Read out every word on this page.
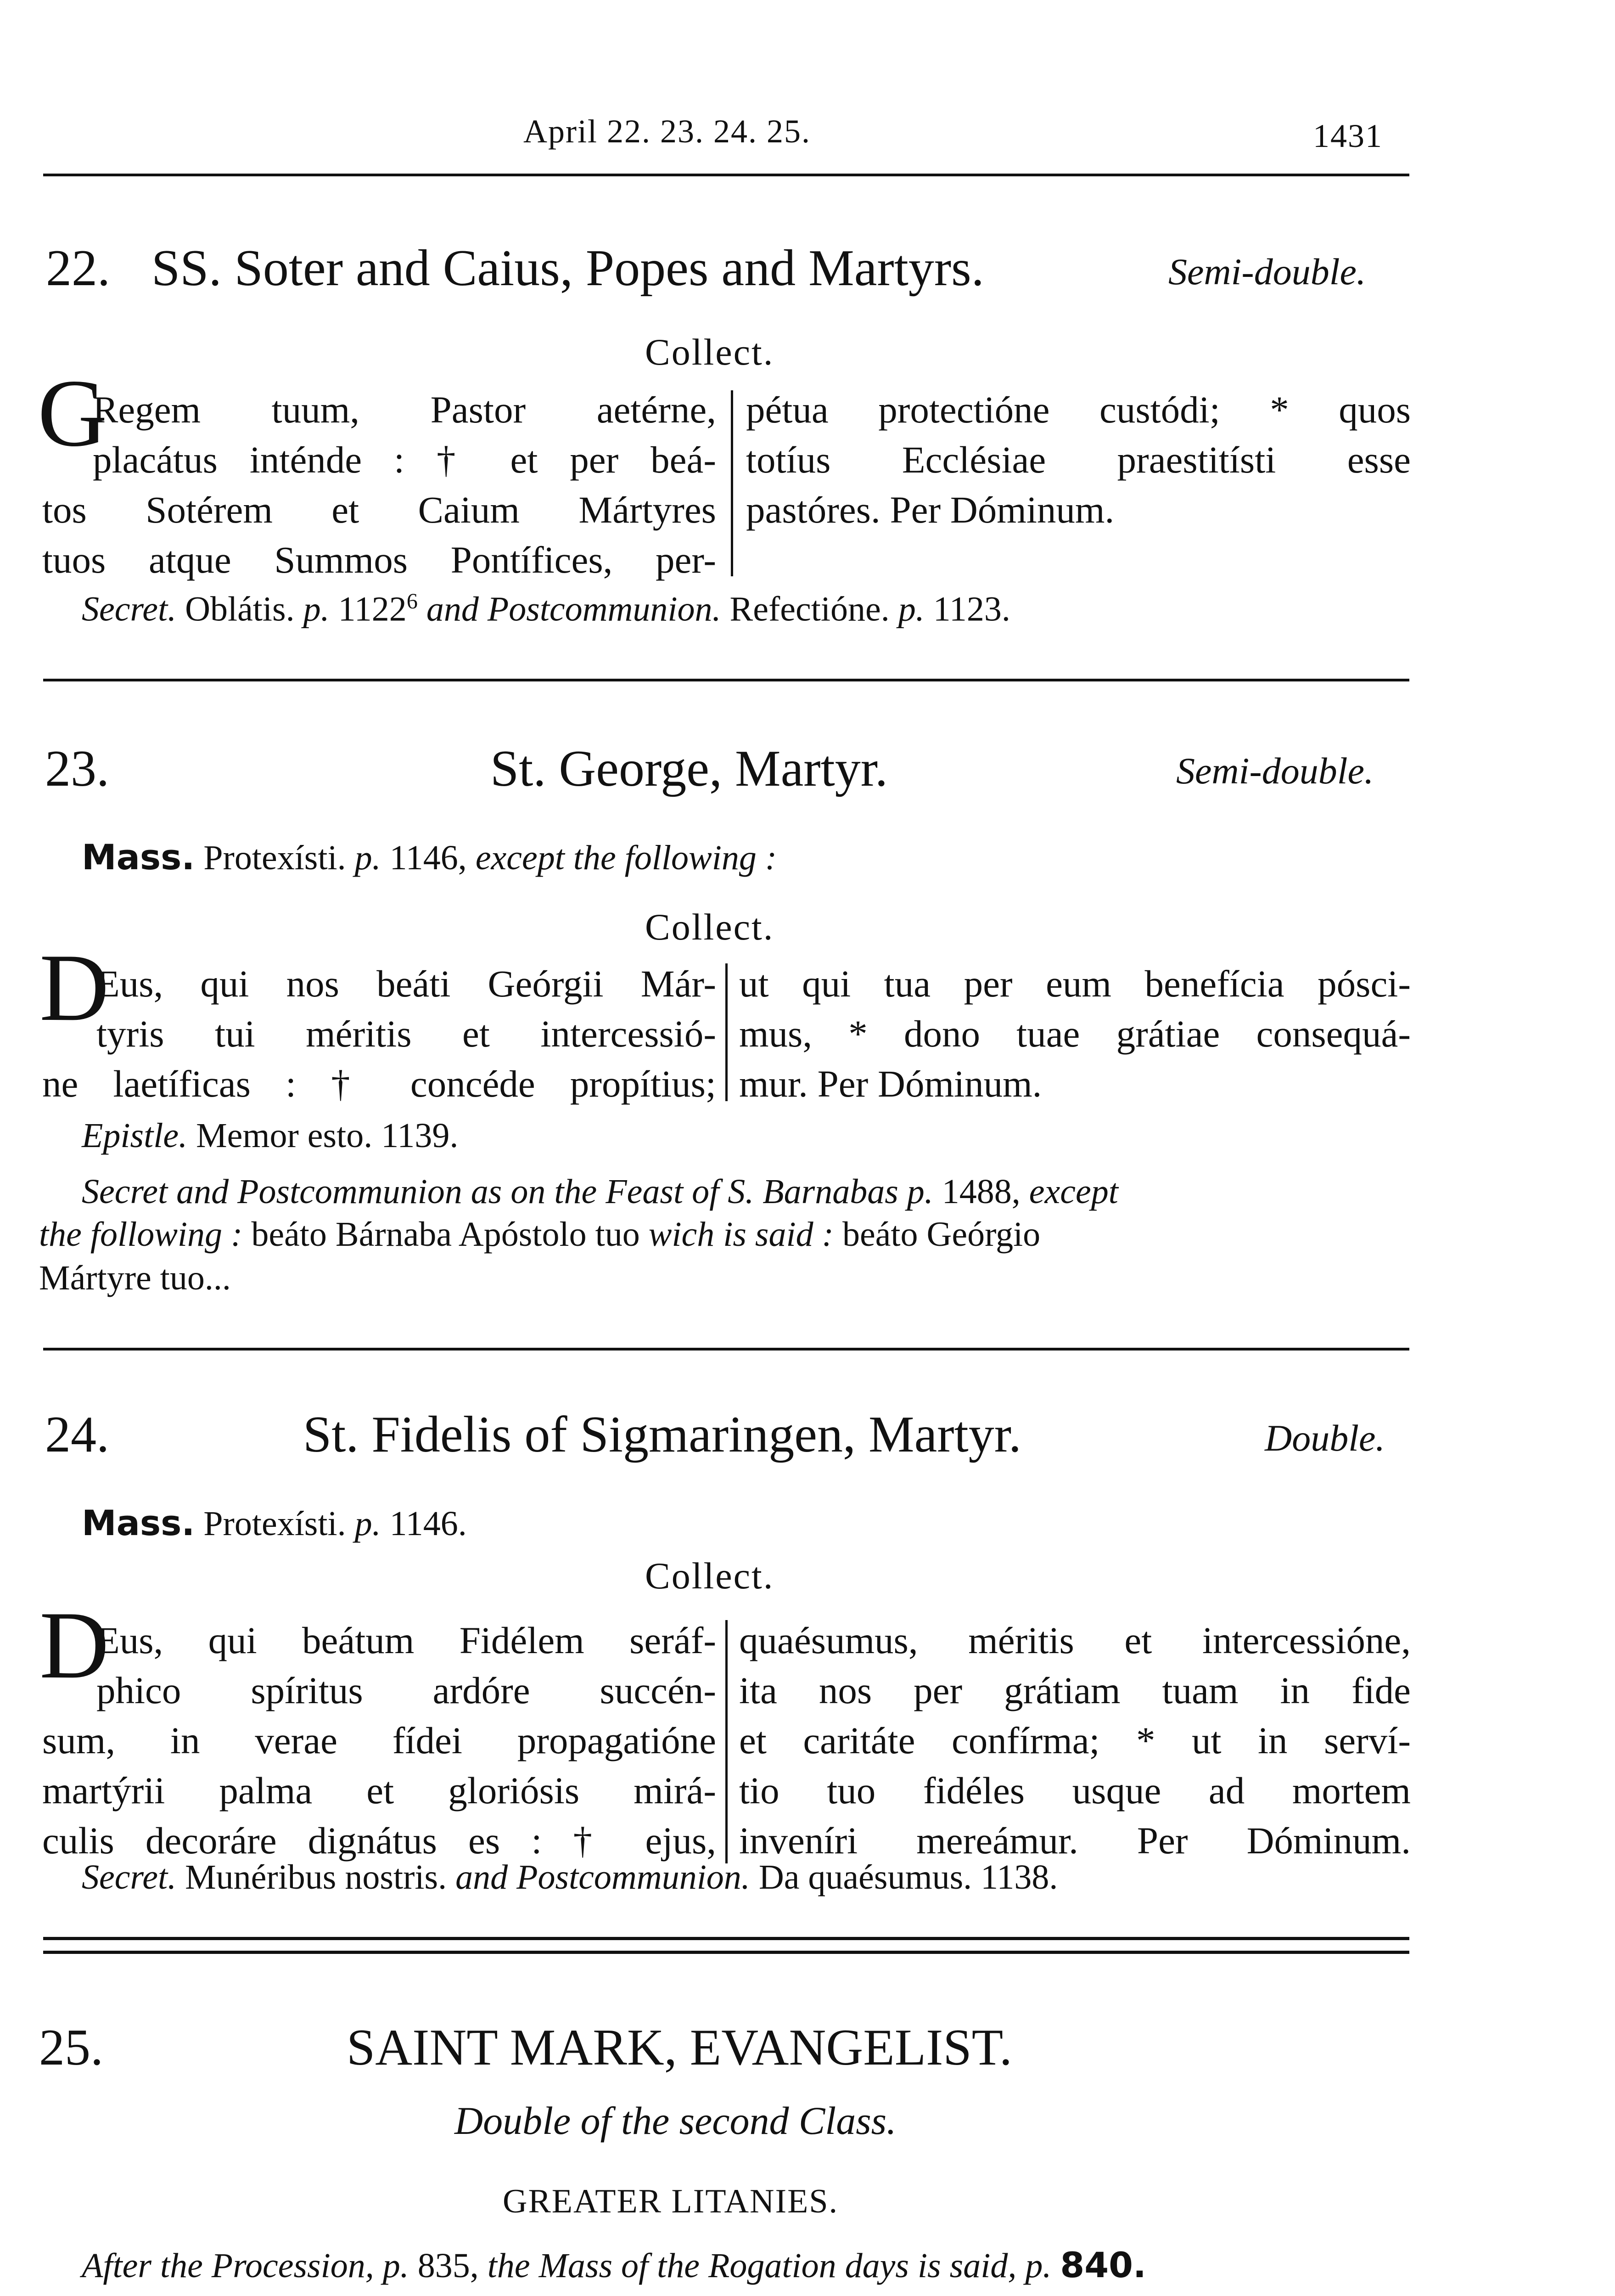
April 22. 23. 24. 25.	1431
22. SS. Soter and Caius, Popes and Martyrs.	Semi-double.
Collect.
G
Regem tuum, Pastor aetérne,
placátus inténde : † et per beá-
tos Sotérem et Caium Mártyres
tuos atque Summos Pontífices, per-
pétua protectióne custódi; * quos
totíus Ecclésiae praestitísti esse
pastóres. Per Dóminum.
Secret. Oblátis. p. 1122$^6$ and Postcommunion. Refectióne. p. 1123.
23.	St. George, Martyr.	Semi-double.
Mass. Protexísti. p. 1146, except the following :
Collect.
D
Eus, qui nos beáti Geórgii Már-
tyris tui méritis et intercessió-
ne laetíficas : † concéde propítius;
ut qui tua per eum benefícia pósci-
mus, * dono tuae grátiae consequá-
mur. Per Dóminum.
Epistle. Memor esto. 1139.
Secret and Postcommunion as on the Feast of S. Barnabas p. 1488, except
the following : beáto Bárnaba Apóstolo tuo wich is said : beáto Geórgio
Mártyre tuo...
24.	St. Fidelis of Sigmaringen, Martyr.	Double.
Mass. Protexísti. p. 1146.
Collect.
D
Eus, qui beátum Fidélem seráf-
phico spíritus ardóre succén-
sum, in verae fídei propagatióne
martýrii palma et gloriósis mirá-
culis decoráre dignátus es : † ejus,
quaésumus, méritis et intercessióne,
ita nos per grátiam tuam in fide
et caritáte confírma; * ut in serví-
tio tuo fidéles usque ad mortem
inveníri mereámur. Per Dóminum.
Secret. Munéribus nostris. and Postcommunion. Da quaésumus. 1138.
25.	SAINT MARK, EVANGELIST.
Double of the second Class.
GREATER LITANIES.
After the Procession, p. 835, the Mass of the Rogation days is said, p. 840.
